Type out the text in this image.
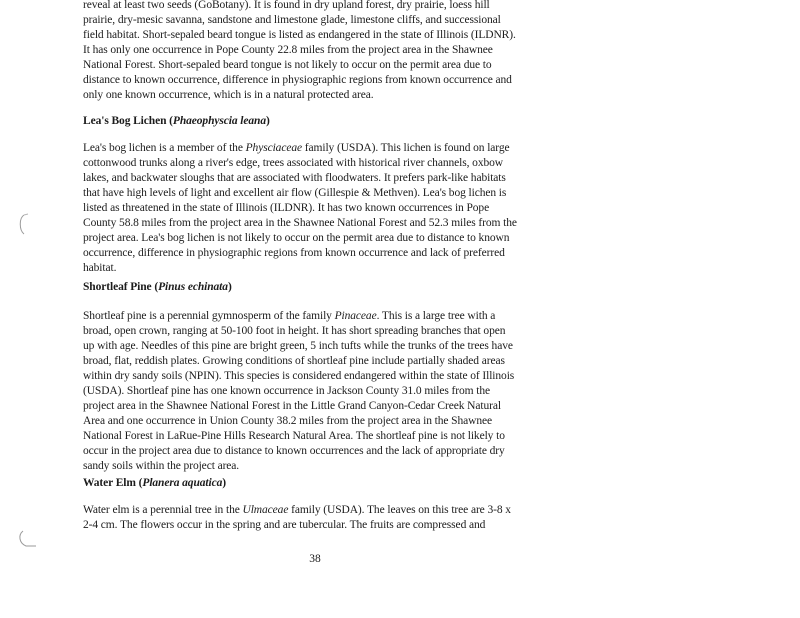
reveal at least two seeds (GoBotany). It is found in dry upland forest, dry prairie, loess hill
prairie, dry-mesic savanna, sandstone and limestone glade, limestone cliffs, and successional
field habitat. Short-sepaled beard tongue is listed as endangered in the state of Illinois (ILDNR).
It has only one occurrence in Pope County 22.8 miles from the project area in the Shawnee
National Forest. Short-sepaled beard tongue is not likely to occur on the permit area due to
distance to known occurrence, difference in physiographic regions from known occurrence and
only one known occurrence, which is in a natural protected area.
Lea's Bog Lichen (Phaeophyscia leana)
Lea's bog lichen is a member of the Physciaceae family (USDA). This lichen is found on large
cottonwood trunks along a river's edge, trees associated with historical river channels, oxbow
lakes, and backwater sloughs that are associated with floodwaters. It prefers park-like habitats
that have high levels of light and excellent air flow (Gillespie & Methven). Lea's bog lichen is
listed as threatened in the state of Illinois (ILDNR). It has two known occurrences in Pope
County 58.8 miles from the project area in the Shawnee National Forest and 52.3 miles from the
project area. Lea's bog lichen is not likely to occur on the permit area due to distance to known
occurrence, difference in physiographic regions from known occurrence and lack of preferred
habitat.
Shortleaf Pine (Pinus echinata)
Shortleaf pine is a perennial gymnosperm of the family Pinaceae. This is a large tree with a
broad, open crown, ranging at 50-100 foot in height. It has short spreading branches that open
up with age. Needles of this pine are bright green, 5 inch tufts while the trunks of the trees have
broad, flat, reddish plates. Growing conditions of shortleaf pine include partially shaded areas
within dry sandy soils (NPIN). This species is considered endangered within the state of Illinois
(USDA). Shortleaf pine has one known occurrence in Jackson County 31.0 miles from the
project area in the Shawnee National Forest in the Little Grand Canyon-Cedar Creek Natural
Area and one occurrence in Union County 38.2 miles from the project area in the Shawnee
National Forest in LaRue-Pine Hills Research Natural Area. The shortleaf pine is not likely to
occur in the project area due to distance to known occurrences and the lack of appropriate dry
sandy soils within the project area.
Water Elm (Planera aquatica)
Water elm is a perennial tree in the Ulmaceae family (USDA). The leaves on this tree are 3-8 x
2-4 cm. The flowers occur in the spring and are tubercular. The fruits are compressed and
38
